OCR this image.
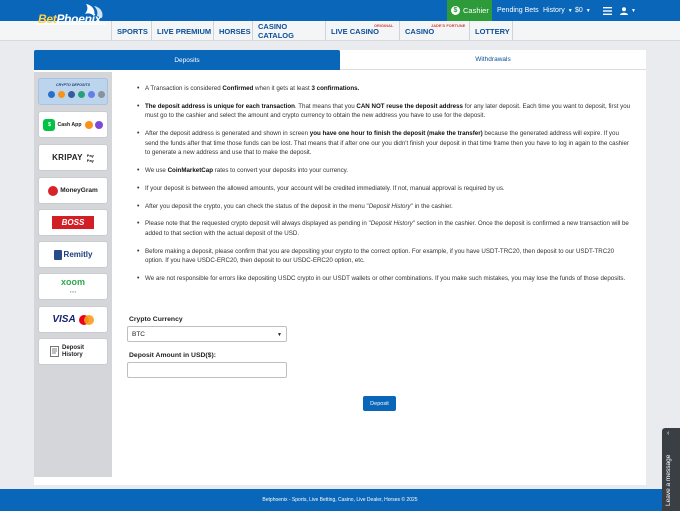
$ Cashier Pending Bets History ▼ $0 ▼	▼
SPORTS	LIVE PREMIUM	HORSES CASINO CATALOG	LIVE CASINO
ORIGINAL
CASINO
JADE'S FORTUNE
LOTTERY
BetPhoenix
Deposits	Withdrawals
CRYPTO DEPOSITS
$	Cash App
KRIPAY Pay
Pay
MoneyGram
BOSS
Remitly
xoom
▪ ▪ ▪
VISA
Deposit History
• A Transaction is considered Confirmed when it gets at least 3 confirmations.
• The deposit address is unique for each transaction. That means that you CAN NOT reuse the deposit address for any later deposit. Each time you want to deposit, first you must go to the cashier and select the amount and crypto currency to obtain the new address you have to use for the deposit.
• After the deposit address is generated and shown in screen you have one hour to finish the deposit (make the transfer) because the generated address will expire. If you send the funds after that time those funds can be lost. That means that if after one our you didn't finish your deposit in that time frame then you have to log in again to the cashier to generate a new address and use that to make the deposit.
• We use CoinMarketCap rates to convert your deposits into your currency.
• If your deposit is between the allowed amounts, your account will be credited immediately. If not, manual approval is required by us.
• After you deposit the crypto, you can check the status of the deposit in the menu "Deposit History" in the cashier.
• Please note that the requested crypto deposit will always displayed as pending in "Deposit History" section in the cashier. Once the deposit is confirmed a new transaction will be added to that section with the actual deposit of the USD.
• Before making a deposit, please confirm that you are depositing your crypto to the correct option. For example, if you have USDT-TRC20, then deposit to our USDT-TRC20 option. If you have USDC-ERC20, then deposit to our USDC-ERC20 option, etc.
• We are not responsible for errors like depositing USDC crypto in our USDT wallets or other combinations. If you make such mistakes, you may lose the funds of those deposits.
Crypto Currency
BTC	▼
Deposit Amount in USD($):
Deposit
Betphoenix - Sports, Live Betting, Casino, Live Dealer, Horses © 2025
‹
Leave a message
